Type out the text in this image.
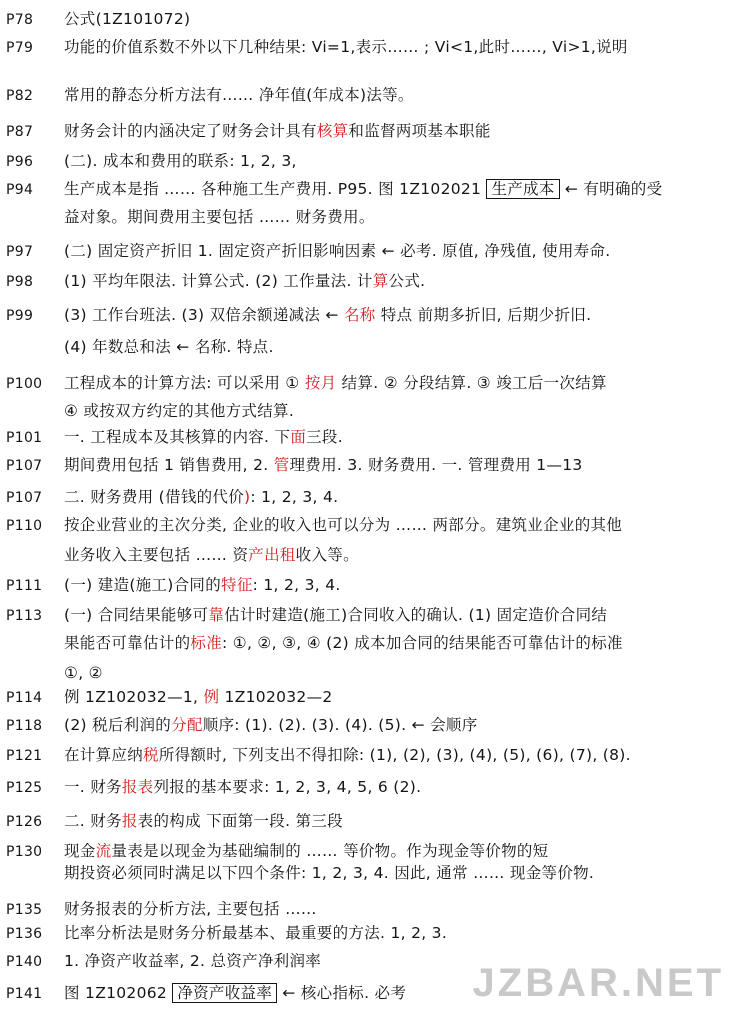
P78 公式(1Z101072)
P79 功能的价值系数不外以下几种结果: Vi=1,表示…… ; Vi<1,此时……, Vi>1,说明
P82 常用的静态分析方法有…… 净年值(年成本)法等。
P87 财务会计的内涵决定了财务会计具有核算和监督两项基本职能
P96 (二). 成本和费用的联系: 1, 2, 3,
P94 生产成本是指 …… 各种施工生产费用. P95. 图 1Z102021 生产成本 ← 有明确的受
益对象。期间费用主要包括 …… 财务费用。
P97 (二) 固定资产折旧 1. 固定资产折旧影响因素 ← 必考. 原值, 净残值, 使用寿命.
P98 (1) 平均年限法. 计算公式. (2) 工作量法. 计算公式.
P99 (3) 工作台班法. (3) 双倍余额递减法 ← 名称 特点 前期多折旧, 后期少折旧.
(4) 年数总和法 ← 名称. 特点.
P100 工程成本的计算方法: 可以采用 ① 按月 结算. ② 分段结算. ③ 竣工后一次结算
④ 或按双方约定的其他方式结算.
P101 一. 工程成本及其核算的内容. 下面三段.
P107 期间费用包括 1 销售费用, 2. 管理费用. 3. 财务费用. 一. 管理费用 1—13
P107 二. 财务费用 (借钱的代价): 1, 2, 3, 4.
P110 按企业营业的主次分类, 企业的收入也可以分为 …… 两部分。建筑业企业的其他
业务收入主要包括 …… 资产出租收入等。
P111 (一) 建造(施工)合同的特征: 1, 2, 3, 4.
P113 (一) 合同结果能够可靠估计时建造(施工)合同收入的确认. (1) 固定造价合同结
果能否可靠估计的标准: ①, ②, ③, ④ (2) 成本加合同的结果能否可靠估计的标准
①, ②
P114 例 1Z102032—1, 例 1Z102032—2
P118 (2) 税后利润的分配顺序: (1). (2). (3). (4). (5). ← 会顺序
P121 在计算应纳税所得额时, 下列支出不得扣除: (1), (2), (3), (4), (5), (6), (7), (8).
P125 一. 财务报表列报的基本要求: 1, 2, 3, 4, 5, 6 (2).
P126 二. 财务报表的构成 下面第一段. 第三段
P130 现金流量表是以现金为基础编制的 …… 等价物。作为现金等价物的短
期投资必须同时满足以下四个条件: 1, 2, 3, 4. 因此, 通常 …… 现金等价物.
P135 财务报表的分析方法, 主要包括 ……
P136 比率分析法是财务分析最基本、最重要的方法. 1, 2, 3.
P140 1. 净资产收益率, 2. 总资产净利润率
P141 图 1Z102062 净资产收益率 ← 核心指标. 必考	JZBAR.NET
